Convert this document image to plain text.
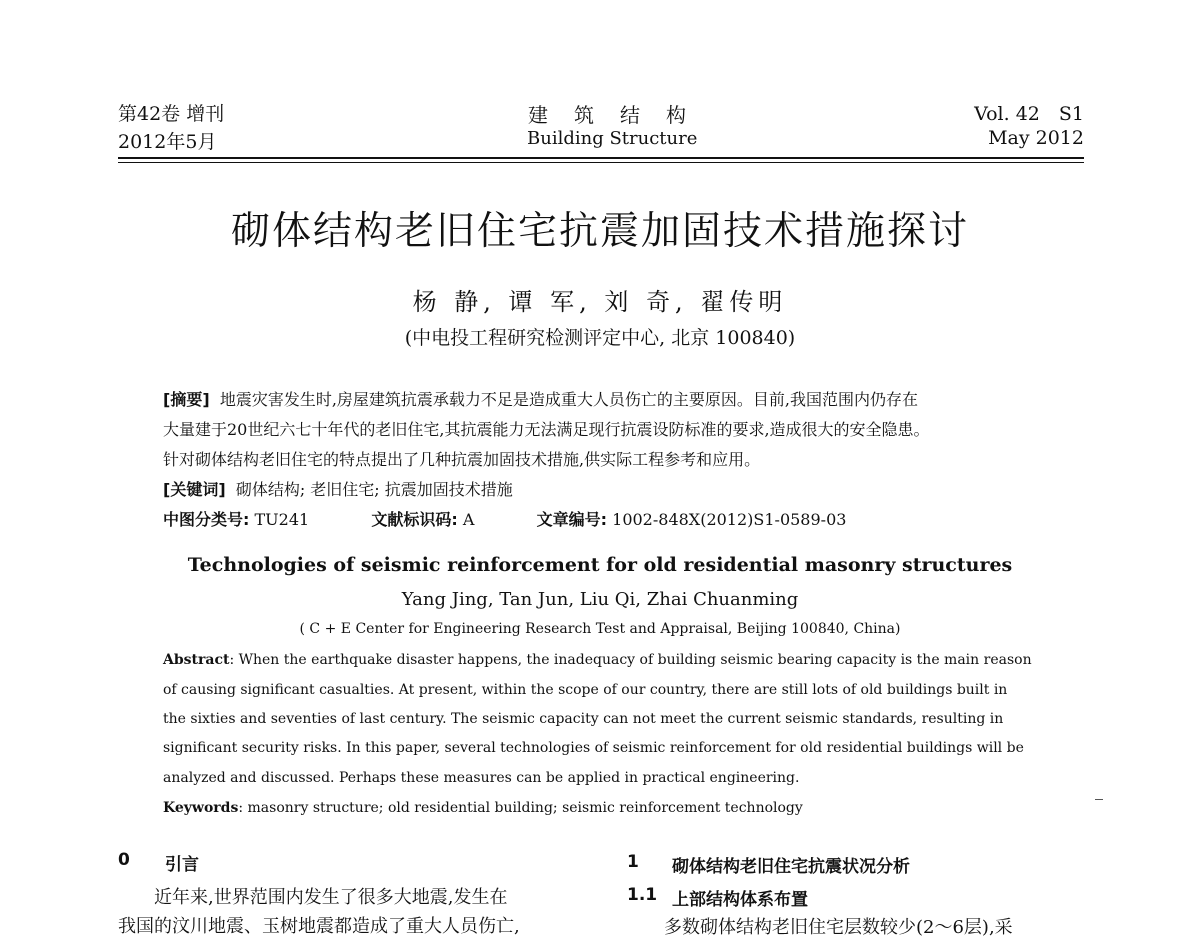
第42卷 增刊
2012年5月
建　筑　结　构
Building Structure
Vol. 42　S1
May 2012
砌体结构老旧住宅抗震加固技术措施探讨
杨 静, 谭 军, 刘 奇, 翟传明
(中电投工程研究检测评定中心, 北京 100840)
[摘要] 地震灾害发生时,房屋建筑抗震承载力不足是造成重大人员伤亡的主要原因。目前,我国范围内仍存在
大量建于20世纪六七十年代的老旧住宅,其抗震能力无法满足现行抗震设防标准的要求,造成很大的安全隐患。
针对砌体结构老旧住宅的特点提出了几种抗震加固技术措施,供实际工程参考和应用。
[关键词] 砌体结构; 老旧住宅; 抗震加固技术措施
中图分类号: TU241	文献标识码: A	文章编号: 1002-848X(2012)S1-0589-03
Technologies of seismic reinforcement for old residential masonry structures
Yang Jing, Tan Jun, Liu Qi, Zhai Chuanming
( C + E Center for Engineering Research Test and Appraisal, Beijing 100840, China)
Abstract: When the earthquake disaster happens, the inadequacy of building seismic bearing capacity is the main reason
of causing significant casualties. At present, within the scope of our country, there are still lots of old buildings built in
the sixties and seventies of last century. The seismic capacity can not meet the current seismic standards, resulting in
significant security risks. In this paper, several technologies of seismic reinforcement for old residential buildings will be
analyzed and discussed. Perhaps these measures can be applied in practical engineering.
Keywords: masonry structure; old residential building; seismic reinforcement technology
0 引言
近年来,世界范围内发生了很多大地震,发生在
我国的汶川地震、玉树地震都造成了重大人员伤亡,
1 砌体结构老旧住宅抗震状况分析
1.1 上部结构体系布置
多数砌体结构老旧住宅层数较少(2～6层),采
